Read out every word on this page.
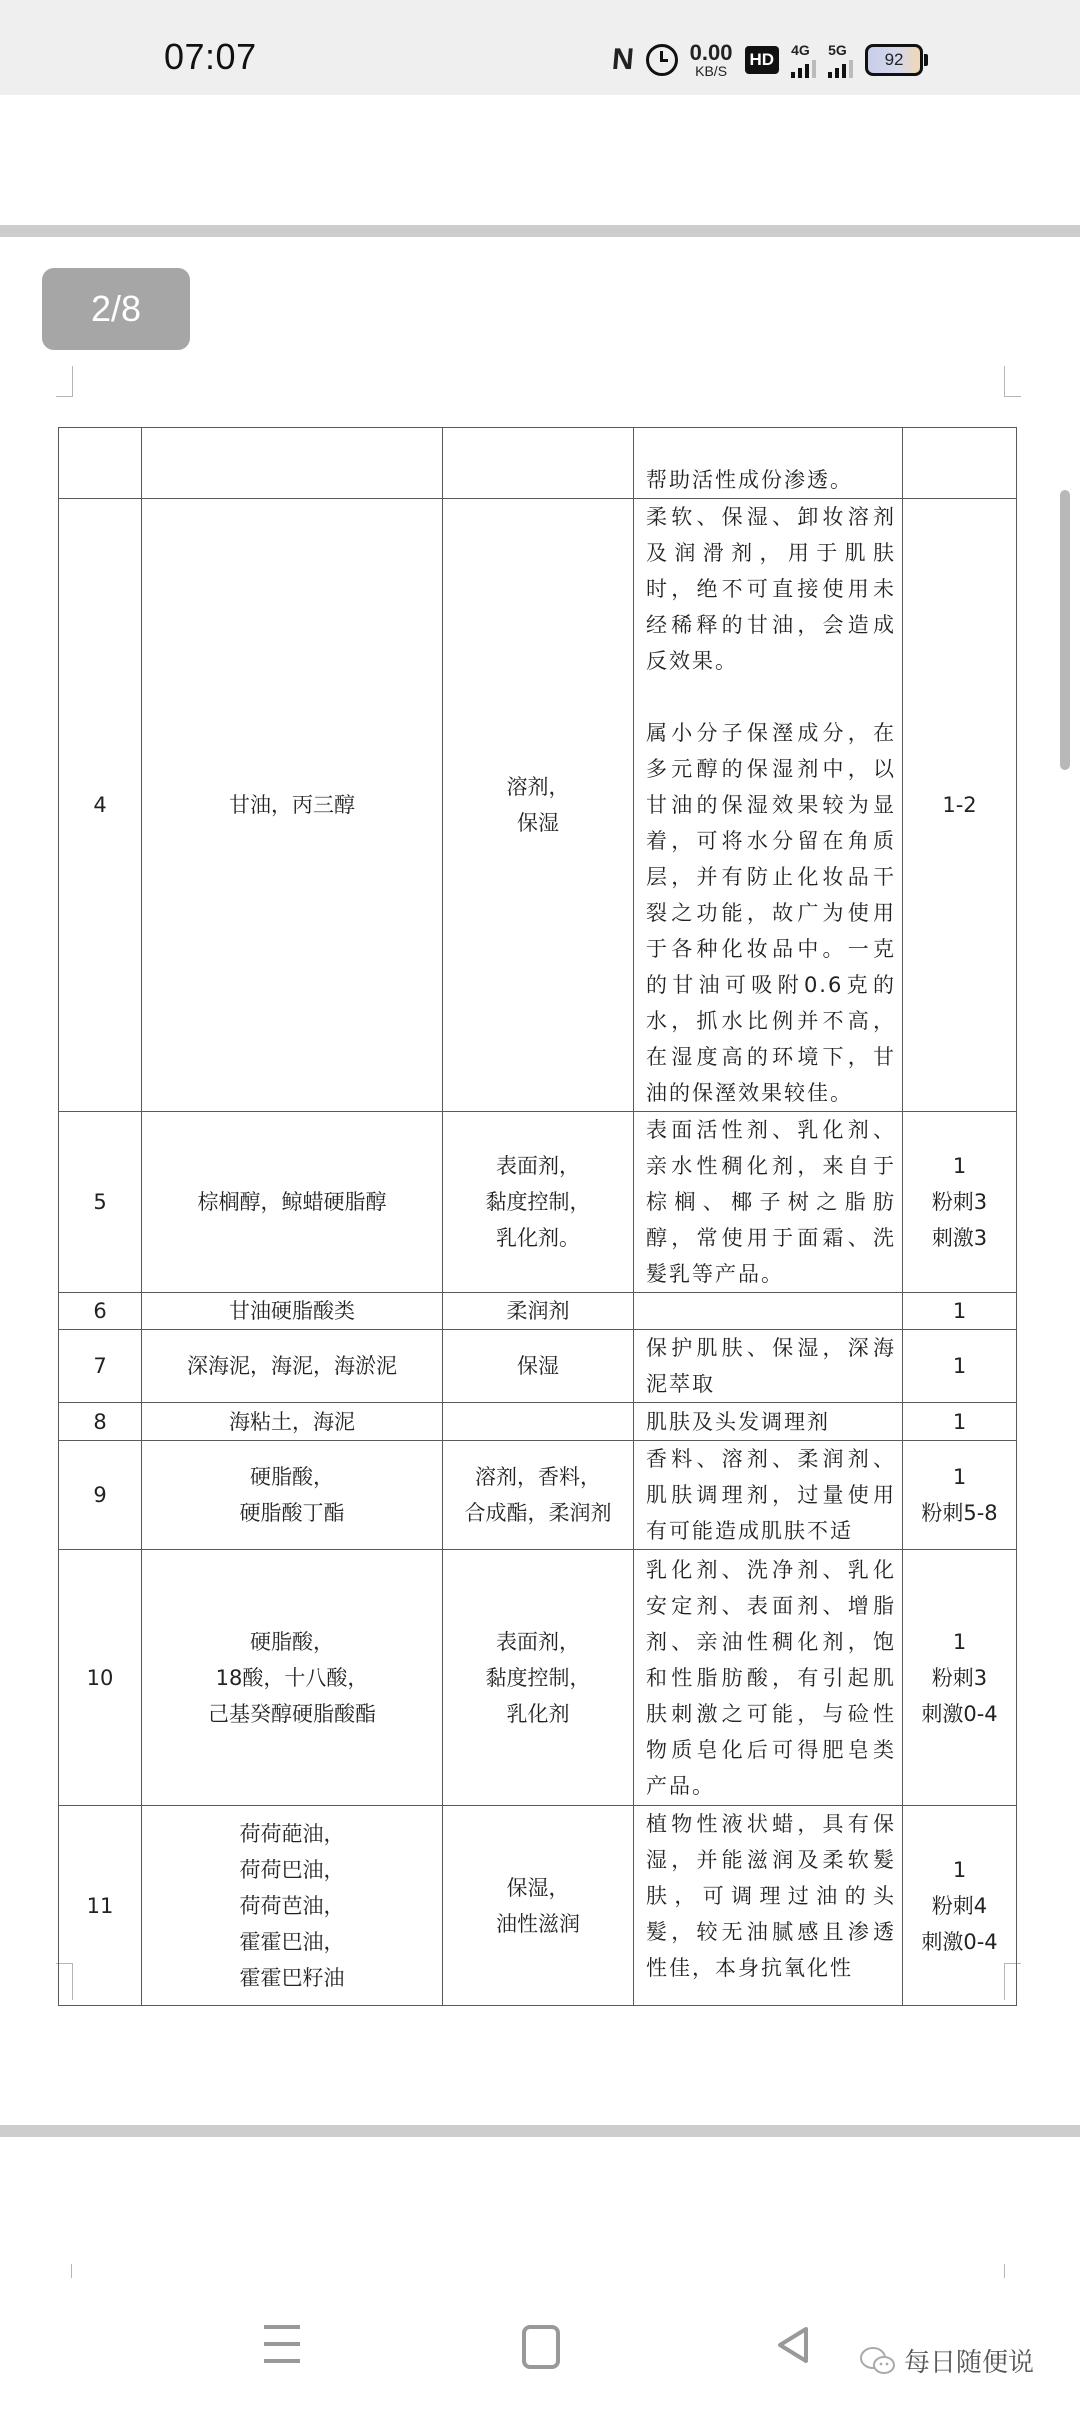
07:07	N 0.00
KB/S
HD	4G 5G	92
2/8

			帮助活性成份渗透。	

4	甘油，丙三醇	溶剂，
保湿	柔软、保湿、卸妆溶剂及润滑剂，用于肌肤时，绝不可直接使用未经稀释的甘油，会造成反效果。
属小分子保溼成分，在多元醇的保湿剂中，以甘油的保湿效果较为显着，可将水分留在角质层，并有防止化妆品干裂之功能，故广为使用于各种化妆品中。一克的甘油可吸附0.6克的水，抓水比例并不高，在湿度高的环境下，甘油的保溼效果较佳。	1-2

5	棕榈醇，鲸蜡硬脂醇	表面剂，
黏度控制，
乳化剂。	表面活性剂、乳化剂、亲水性稠化剂，来自于棕榈、椰子树之脂肪醇，常使用于面霜、洗髮乳等产品。	1
粉刺3
刺激3

6	甘油硬脂酸类	柔润剂		1

7	深海泥，海泥，海淤泥	保湿	保护肌肤、保湿，深海泥萃取	1

8	海粘土，海泥		肌肤及头发调理剂	1

9	硬脂酸，
硬脂酸丁酯	溶剂，香料，
合成酯，柔润剂	香料、溶剂、柔润剂、肌肤调理剂，过量使用有可能造成肌肤不适	1
粉刺5-8

10	硬脂酸，
18酸，十八酸，
己基癸醇硬脂酸酯	表面剂，
黏度控制，
乳化剂	乳化剂、洗净剂、乳化安定剂、表面剂、增脂剂、亲油性稠化剂，饱和性脂肪酸，有引起肌肤刺激之可能，与硷性物质皂化后可得肥皂类产品。	1
粉刺3
刺激0-4

11	荷荷葩油，
荷荷巴油，
荷荷芭油，
霍霍巴油，
霍霍巴籽油	保湿，
油性滋润	植物性液状蜡，具有保湿，并能滋润及柔软髮肤，可调理过油的头髮，较无油腻感且渗透性佳，本身抗氧化性	1
粉刺4
刺激0-4
每日随便说
